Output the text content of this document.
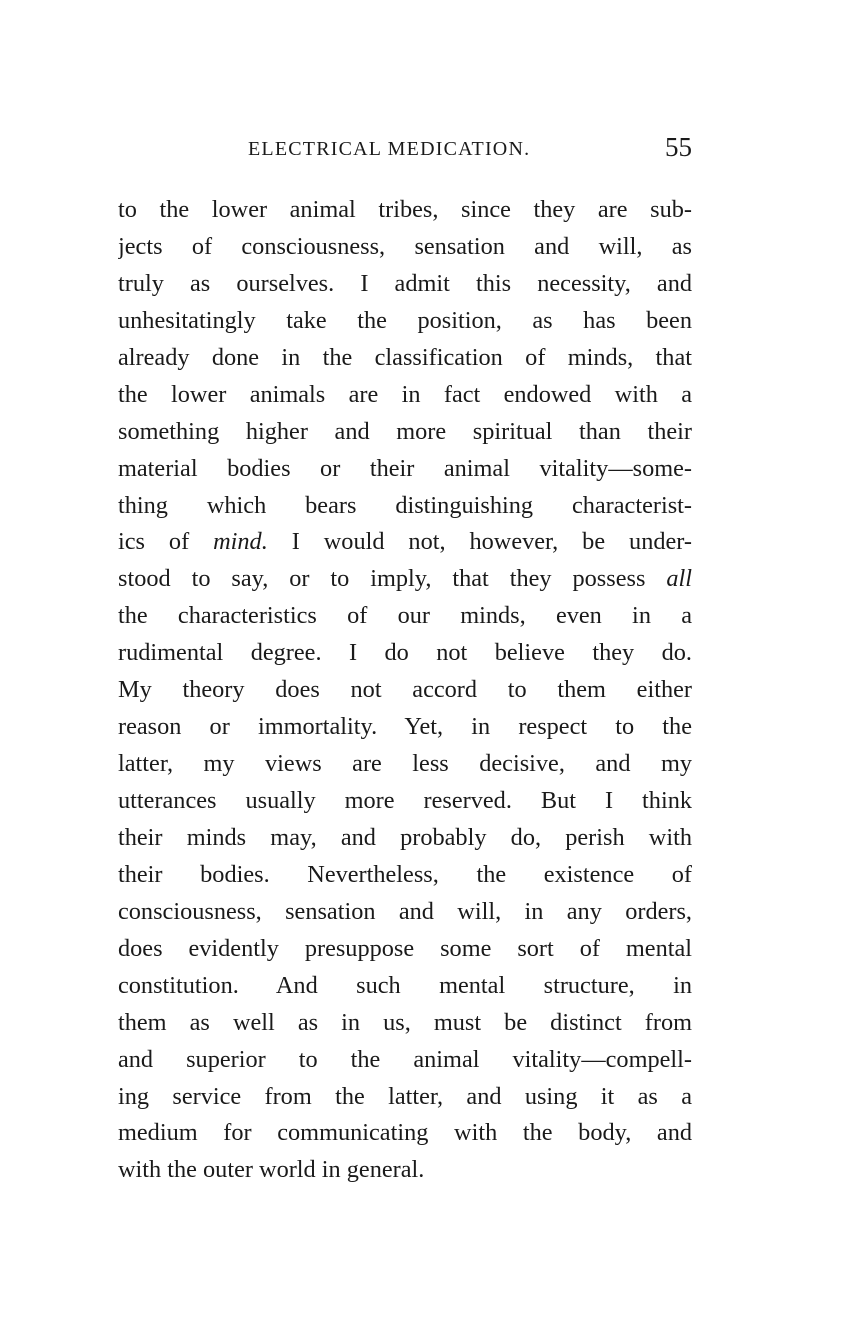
ELECTRICAL MEDICATION.	55
to the lower animal tribes, since they are sub-
jects of consciousness, sensation and will, as
truly as ourselves. I admit this necessity, and
unhesitatingly take the position, as has been
already done in the classification of minds, that
the lower animals are in fact endowed with a
something higher and more spiritual than their
material bodies or their animal vitality—some-
thing which bears distinguishing characterist-
ics of mind. I would not, however, be under-
stood to say, or to imply, that they possess all
the characteristics of our minds, even in a
rudimental degree. I do not believe they do.
My theory does not accord to them either
reason or immortality. Yet, in respect to the
latter, my views are less decisive, and my
utterances usually more reserved. But I think
their minds may, and probably do, perish with
their bodies. Nevertheless, the existence of
consciousness, sensation and will, in any orders,
does evidently presuppose some sort of mental
constitution. And such mental structure, in
them as well as in us, must be distinct from
and superior to the animal vitality—compell-
ing service from the latter, and using it as a
medium for communicating with the body, and
with the outer world in general.
